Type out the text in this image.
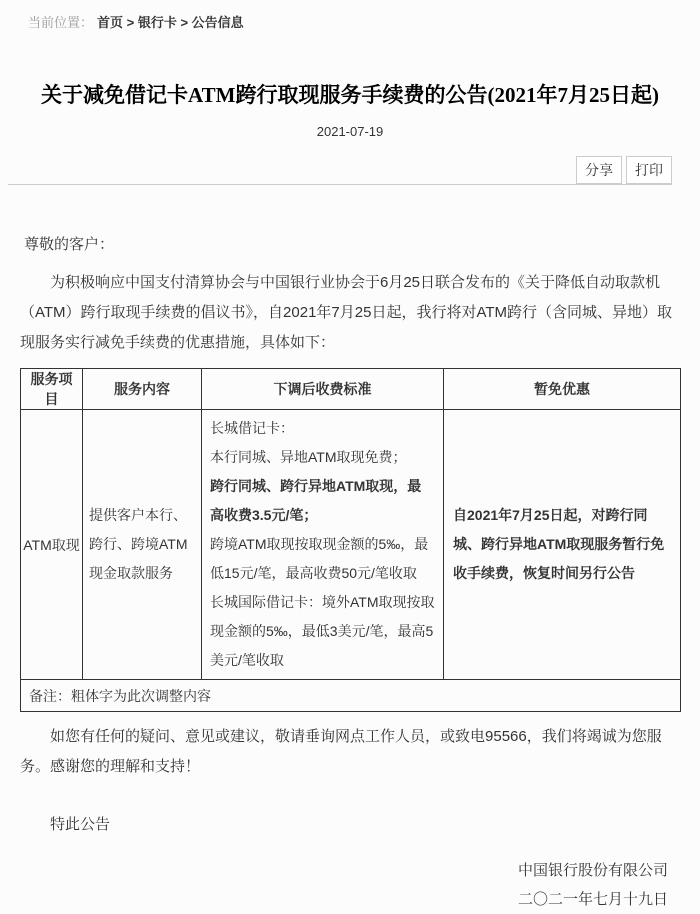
当前位置： 首页 > 银行卡 > 公告信息
关于减免借记卡ATM跨行取现服务手续费的公告(2021年7月25日起)
2021-07-19
分享	打印

尊敬的客户：

为积极响应中国支付清算协会与中国银行业协会于6月25日联合发布的《关于降低自动取款机（ATM）跨行取现手续费的倡议书》，自2021年7月25日起，我行将对ATM跨行（含同城、异地）取现服务实行减免手续费的优惠措施，具体如下：

服务项目	服务内容	下调后收费标准	暂免优惠
ATM取现	提供客户本行、跨行、跨境ATM现金取款服务	长城借记卡：
本行同城、异地ATM取现免费；
跨行同城、跨行异地ATM取现，最高收费3.5元/笔；
跨境ATM取现按取现金额的5‰，最低15元/笔，最高收费50元/笔收取
长城国际借记卡：境外ATM取现按取现金额的5‰，最低3美元/笔，最高5美元/笔收取	自2021年7月25日起，对跨行同城、跨行异地ATM取现服务暂行免收手续费，恢复时间另行公告
备注：粗体字为此次调整内容			

如您有任何的疑问、意见或建议，敬请垂询网点工作人员，或致电95566，我们将竭诚为您服务。感谢您的理解和支持！

特此公告

中国银行股份有限公司
二〇二一年七月十九日
